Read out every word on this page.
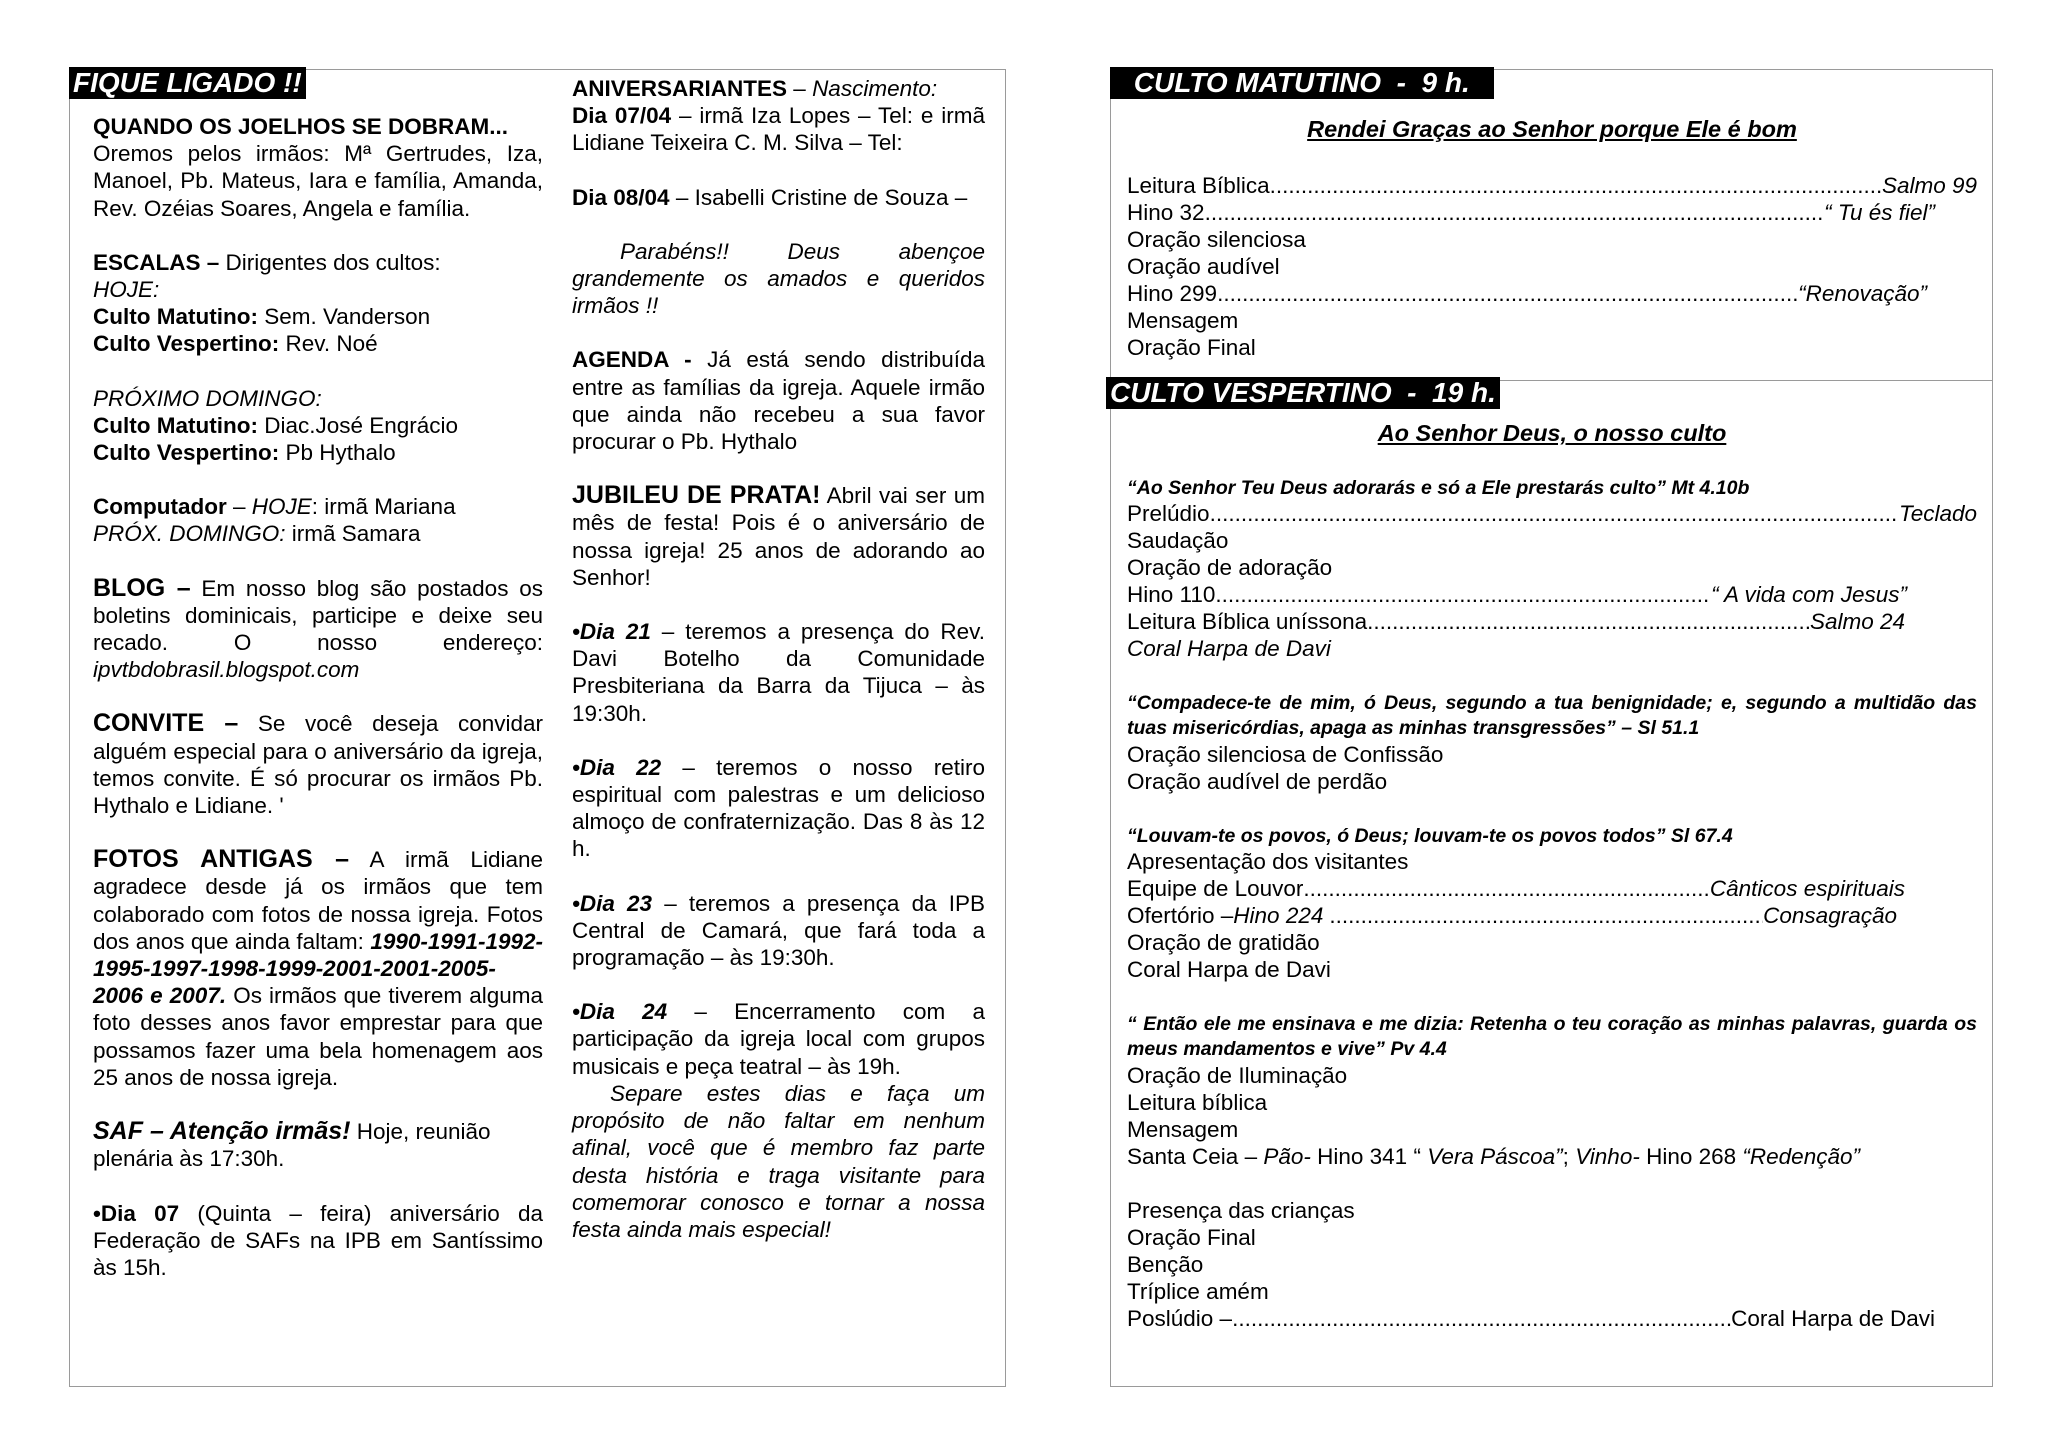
FIQUE LIGADO !!

QUANDO OS JOELHOS SE DOBRAM...
Oremos pelos irmãos: Mª Gertrudes, Iza, Manoel, Pb. Mateus, Iara e família, Amanda, Rev. Ozéias Soares, Angela e família.

ESCALAS – Dirigentes dos cultos:
HOJE:
Culto Matutino: Sem. Vanderson
Culto Vespertino: Rev. Noé

PRÓXIMO DOMINGO:
Culto Matutino: Diac.José Engrácio
Culto Vespertino: Pb Hythalo

Computador – HOJE: irmã Mariana
PRÓX. DOMINGO: irmã Samara

BLOG – Em nosso blog são postados os boletins dominicais, participe e deixe seu recado. O nosso endereço: ipvtbdobrasil.blogspot.com

CONVITE – Se você deseja convidar alguém especial para o aniversário da igreja, temos convite. É só procurar os irmãos Pb. Hythalo e Lidiane. '

FOTOS ANTIGAS – A irmã Lidiane agradece desde já os irmãos que tem colaborado com fotos de nossa igreja. Fotos dos anos que ainda faltam: 1990-1991-1992-1995-1997-1998-1999-2001-2001-2005-2006 e 2007. Os irmãos que tiverem alguma foto desses anos favor emprestar para que possamos fazer uma bela homenagem aos 25 anos de nossa igreja.

SAF – Atenção irmãs! Hoje, reunião plenária às 17:30h.

•Dia 07 (Quinta – feira) aniversário da Federação de SAFs na IPB em Santíssimo às 15h.

ANIVERSARIANTES – Nascimento:
Dia 07/04 – irmã Iza Lopes – Tel: e irmã Lidiane Teixeira C. M. Silva – Tel:

Dia 08/04 – Isabelli Cristine de Souza –

Parabéns!! Deus abençoe grandemente os amados e queridos irmãos !!

AGENDA - Já está sendo distribuída entre as famílias da igreja. Aquele irmão que ainda não recebeu a sua favor procurar o Pb. Hythalo

JUBILEU DE PRATA! Abril vai ser um mês de festa! Pois é o aniversário de nossa igreja! 25 anos de adorando ao Senhor!

•Dia 21 – teremos a presença do Rev. Davi Botelho da Comunidade Presbiteriana da Barra da Tijuca – às 19:30h.

•Dia 22 – teremos o nosso retiro espiritual com palestras e um delicioso almoço de confraternização. Das 8 às 12 h.

•Dia 23 – teremos a presença da IPB Central de Camará, que fará toda a programação – às 19:30h.

•Dia 24 – Encerramento com a participação da igreja local com grupos musicais e peça teatral – às 19h.

Separe estes dias e faça um propósito de não faltar em nenhum afinal, você que é membro faz parte desta história e traga visitante para comemorar conosco e tornar a nossa festa ainda mais especial!

CULTO MATUTINO  -  9 h.
Rendei Graças ao Senhor porque Ele é bom
Leitura Bíblica .....	Salmo 99
Hino 32 .....	“ Tu és fiel”
Oração silenciosa
Oração audível
Hino 299 .....	“Renovação”
Mensagem
Oração Final
CULTO VESPERTINO  -  19 h.
Ao Senhor Deus, o nosso culto
“Ao Senhor Teu Deus adorarás e só a Ele prestarás culto” Mt 4.10b
Prelúdio .....	Teclado
Saudação
Oração de adoração
Hino 110 .....	“ A vida com Jesus”
Leitura Bíblica uníssona .....	Salmo 24
Coral Harpa de Davi
“Compadece-te de mim, ó Deus, segundo a tua benignidade; e, segundo a multidão das tuas misericórdias, apaga as minhas transgressões” – Sl 51.1
Oração silenciosa de Confissão
Oração audível de perdão
“Louvam-te os povos, ó Deus; louvam-te os povos todos” Sl 67.4
Apresentação dos visitantes
Equipe de Louvor .....	Cânticos espirituais
Ofertório – Hino 224 .....	Consagração
Oração de gratidão
Coral Harpa de Davi
“ Então ele me ensinava e me dizia: Retenha o teu coração as minhas palavras, guarda os meus mandamentos e vive” Pv 4.4
Oração de Iluminação
Leitura bíblica
Mensagem
Santa Ceia – Pão- Hino 341 “ Vera Páscoa”; Vinho- Hino 268 “Redenção”
Presença das crianças
Oração Final
Benção
Tríplice amém
Poslúdio – .....	Coral Harpa de Davi
